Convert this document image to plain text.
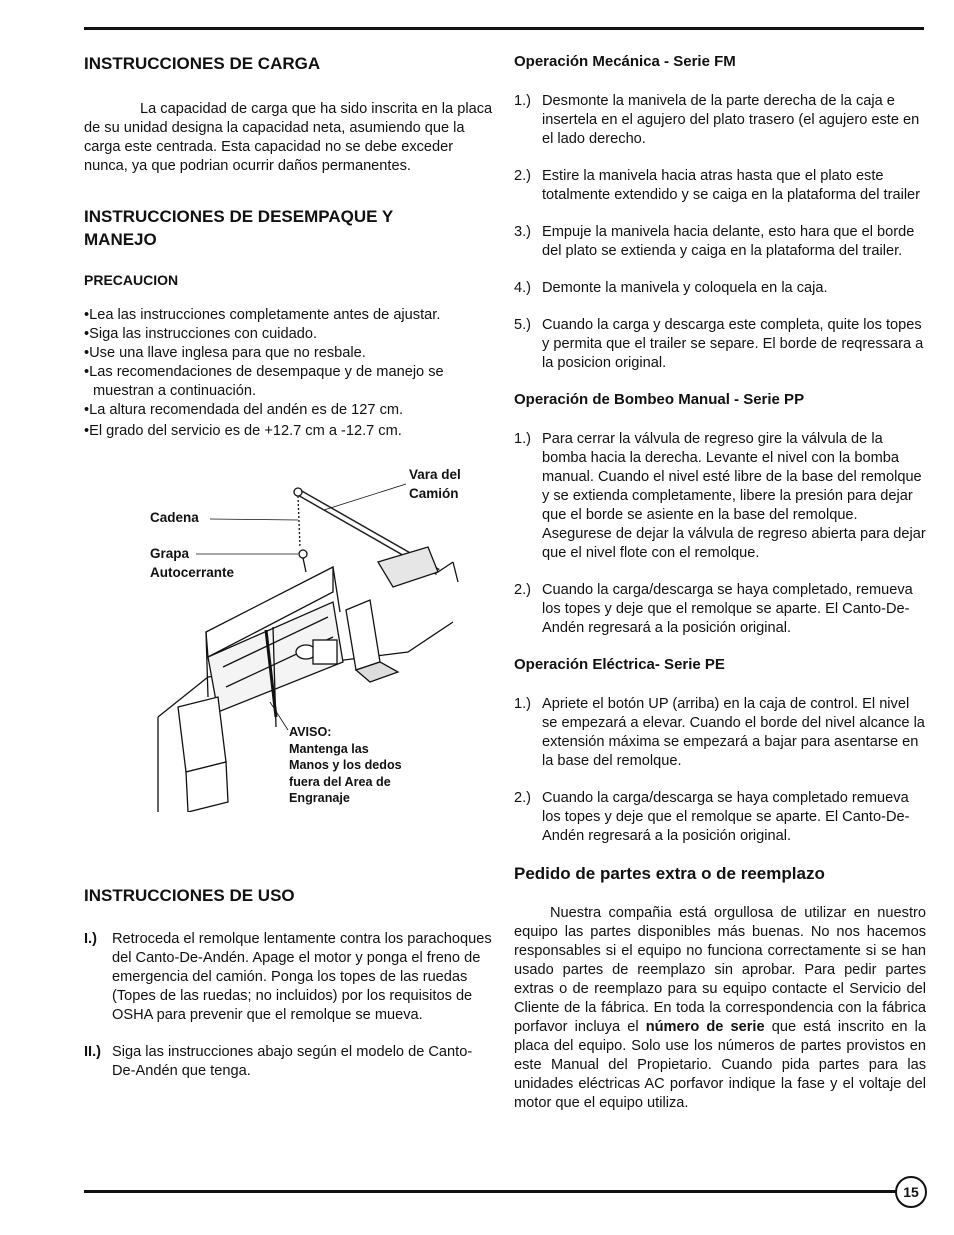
INSTRUCCIONES DE CARGA

La capacidad de carga que ha sido inscrita en la placa de su unidad designa la capacidad neta, asumiendo que la carga este centrada. Esta capacidad no se debe exceder nunca, ya que podrian ocurrir daños permanentes.

INSTRUCCIONES DE DESEMPAQUE Y
MANEJO
PRECAUCION
• Lea las instrucciones completamente antes de ajustar.
• Siga las instrucciones con cuidado.
• Use una llave inglesa para que no resbale.
• Las recomendaciones de desempaque y de manejo se muestran a continuación.
• La altura recomendada del andén es de 127 cm.
• El grado del servicio es de +12.7 cm a -12.7 cm.
Vara del
Camión
Cadena
Grapa
Autocerrante
AVISO:
Mantenga las
Manos y los dedos
fuera del Area de
Engranaje
INSTRUCCIONES DE USO
I.) Retroceda el remolque lentamente contra los parachoques del Canto-De-Andén. Apage el motor y ponga el freno de emergencia del camión. Ponga los topes de las ruedas (Topes de las ruedas; no incluidos) por los requisitos de OSHA para prevenir que el remolque se mueva.
II.) Siga las instrucciones abajo según el modelo de Canto-De-Andén que tenga.
Operación Mecánica - Serie FM
1.) Desmonte la manivela de la parte derecha de la caja e insertela en el agujero del plato trasero (el agujero este en el lado derecho.
2.) Estire la manivela hacia atras hasta que el plato este totalmente extendido y se caiga en la plataforma del trailer
3.) Empuje la manivela hacia delante, esto hara que el borde del plato se extienda y caiga en la plataforma del trailer.
4.) Demonte la manivela y coloquela en la caja.
5.) Cuando la carga y descarga este completa, quite los topes y permita que el trailer se separe. El borde de reqressara a la posicion original.
Operación de Bombeo Manual - Serie PP
1.) Para cerrar la válvula de regreso gire la válvula de la bomba hacia la derecha. Levante el nivel con la bomba manual. Cuando el nivel esté libre de la base del remolque y se extienda completamente, libere la presión para dejar que el borde se asiente en la base del remolque. Asegurese de dejar la válvula de regreso abierta para dejar que el nivel flote con el remolque.
2.) Cuando la carga/descarga se haya completado, remueva los topes y deje que el remolque se aparte. El Canto-De-Andén regresará a la posición original.
Operación Eléctrica- Serie PE
1.) Apriete el botón UP (arriba) en la caja de control. El nivel se empezará a elevar. Cuando el borde del nivel alcance la extensión máxima se empezará a bajar para asentarse en la base del remolque.
2.) Cuando la carga/descarga se haya completado remueva los topes y deje que el remolque se aparte. El Canto-De-Andén regresará a la posición original.
Pedido de partes extra o de reemplazo

Nuestra compañia está orgullosa de utilizar en nuestro equipo las partes disponibles más buenas. No nos hacemos responsables si el equipo no funciona correctamente si se han usado partes de reemplazo sin aprobar. Para pedir partes extras o de reemplazo para su equipo contacte el Servicio del Cliente de la fábrica. En toda la correspondencia con la fábrica porfavor incluya el número de serie que está inscrito en la placa del equipo. Solo use los números de partes provistos en este Manual del Propietario. Cuando pida partes para las unidades eléctricas AC porfavor indique la fase y el voltaje del motor que el equipo utiliza.

15
